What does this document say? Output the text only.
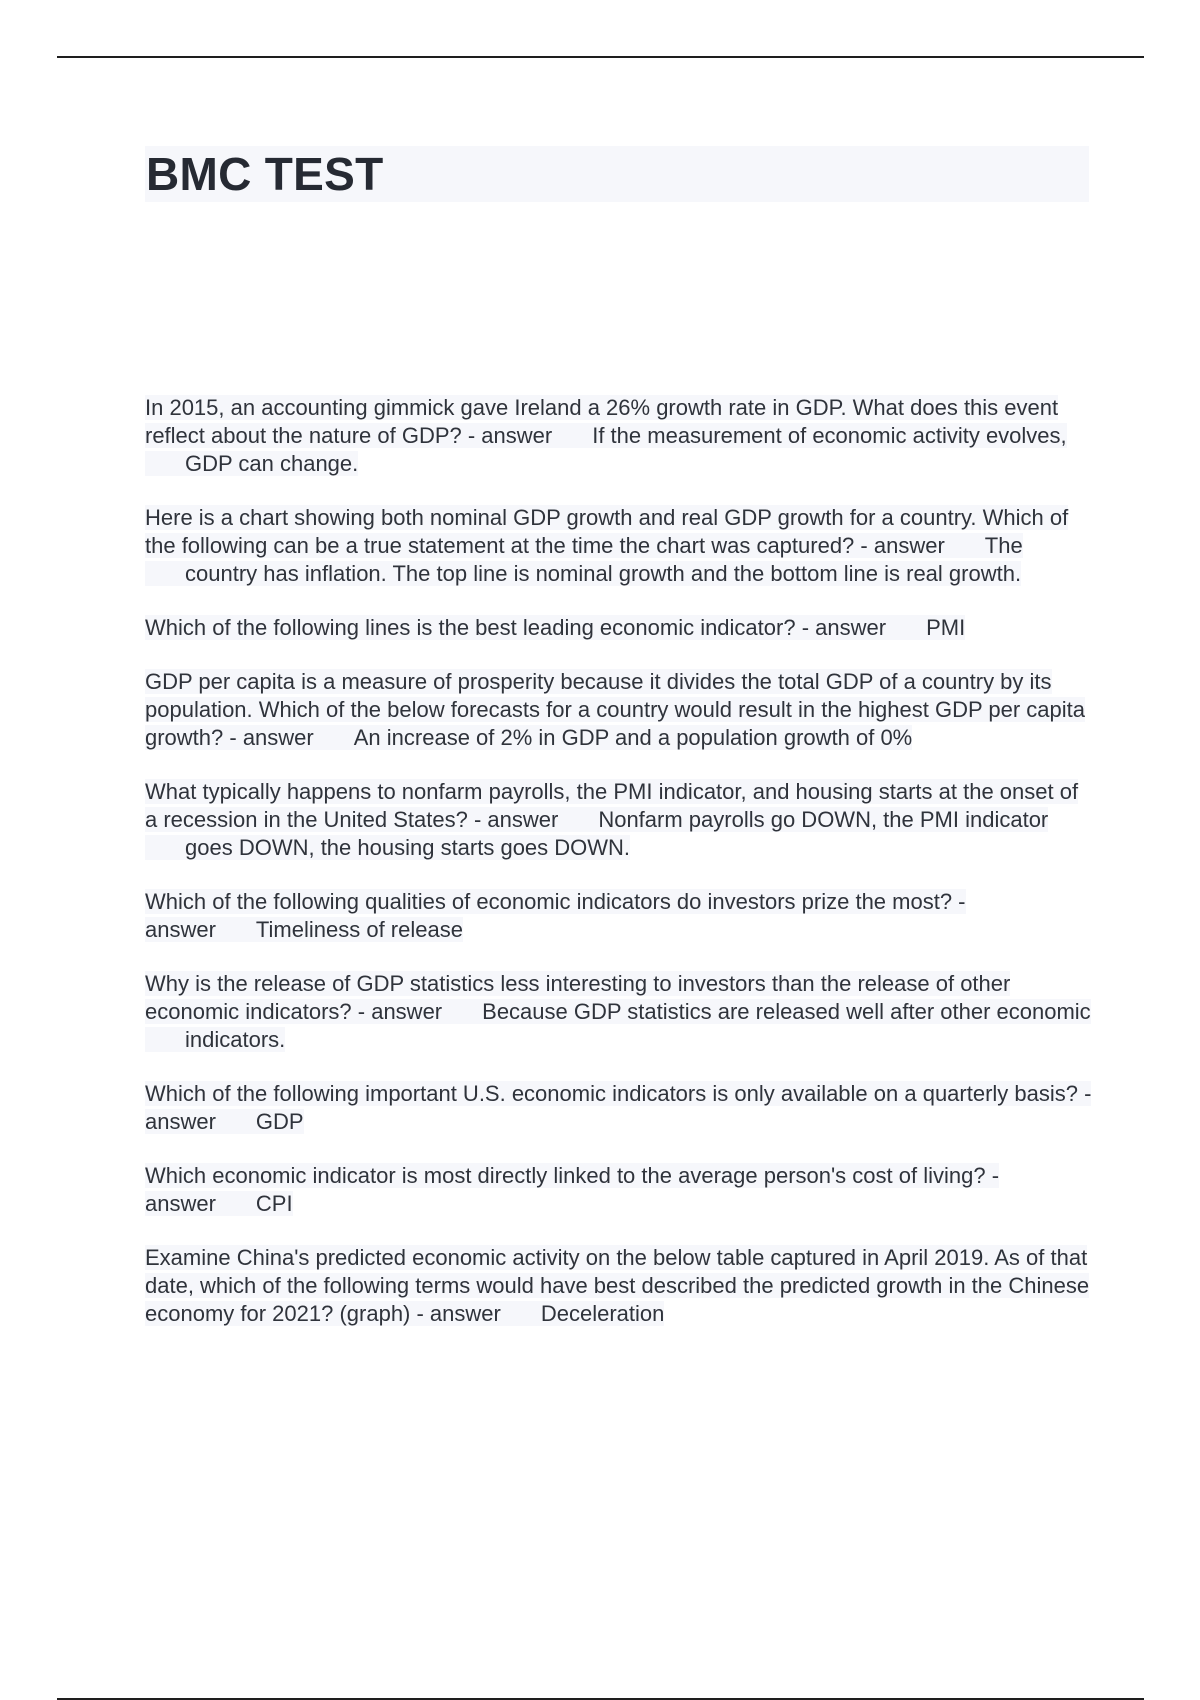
BMC TEST

In 2015, an accounting gimmick gave Ireland a 26% growth rate in GDP. What does this event reflect about the nature of GDP? - answer If the measurement of economic activity evolves, GDP can change.

Here is a chart showing both nominal GDP growth and real GDP growth for a country. Which of the following can be a true statement at the time the chart was captured? - answer The country has inflation. The top line is nominal growth and the bottom line is real growth.

Which of the following lines is the best leading economic indicator? - answer PMI

GDP per capita is a measure of prosperity because it divides the total GDP of a country by its population. Which of the below forecasts for a country would result in the highest GDP per capita growth? - answer An increase of 2% in GDP and a population growth of 0%

What typically happens to nonfarm payrolls, the PMI indicator, and housing starts at the onset of a recession in the United States? - answer Nonfarm payrolls go DOWN, the PMI indicator goes DOWN, the housing starts goes DOWN.

Which of the following qualities of economic indicators do investors prize the most? - answer Timeliness of release

Why is the release of GDP statistics less interesting to investors than the release of other economic indicators? - answer Because GDP statistics are released well after other economic indicators.

Which of the following important U.S. economic indicators is only available on a quarterly basis? - answer GDP

Which economic indicator is most directly linked to the average person's cost of living? - answer CPI

Examine China's predicted economic activity on the below table captured in April 2019. As of that date, which of the following terms would have best described the predicted growth in the Chinese economy for 2021? (graph) - answer Deceleration
